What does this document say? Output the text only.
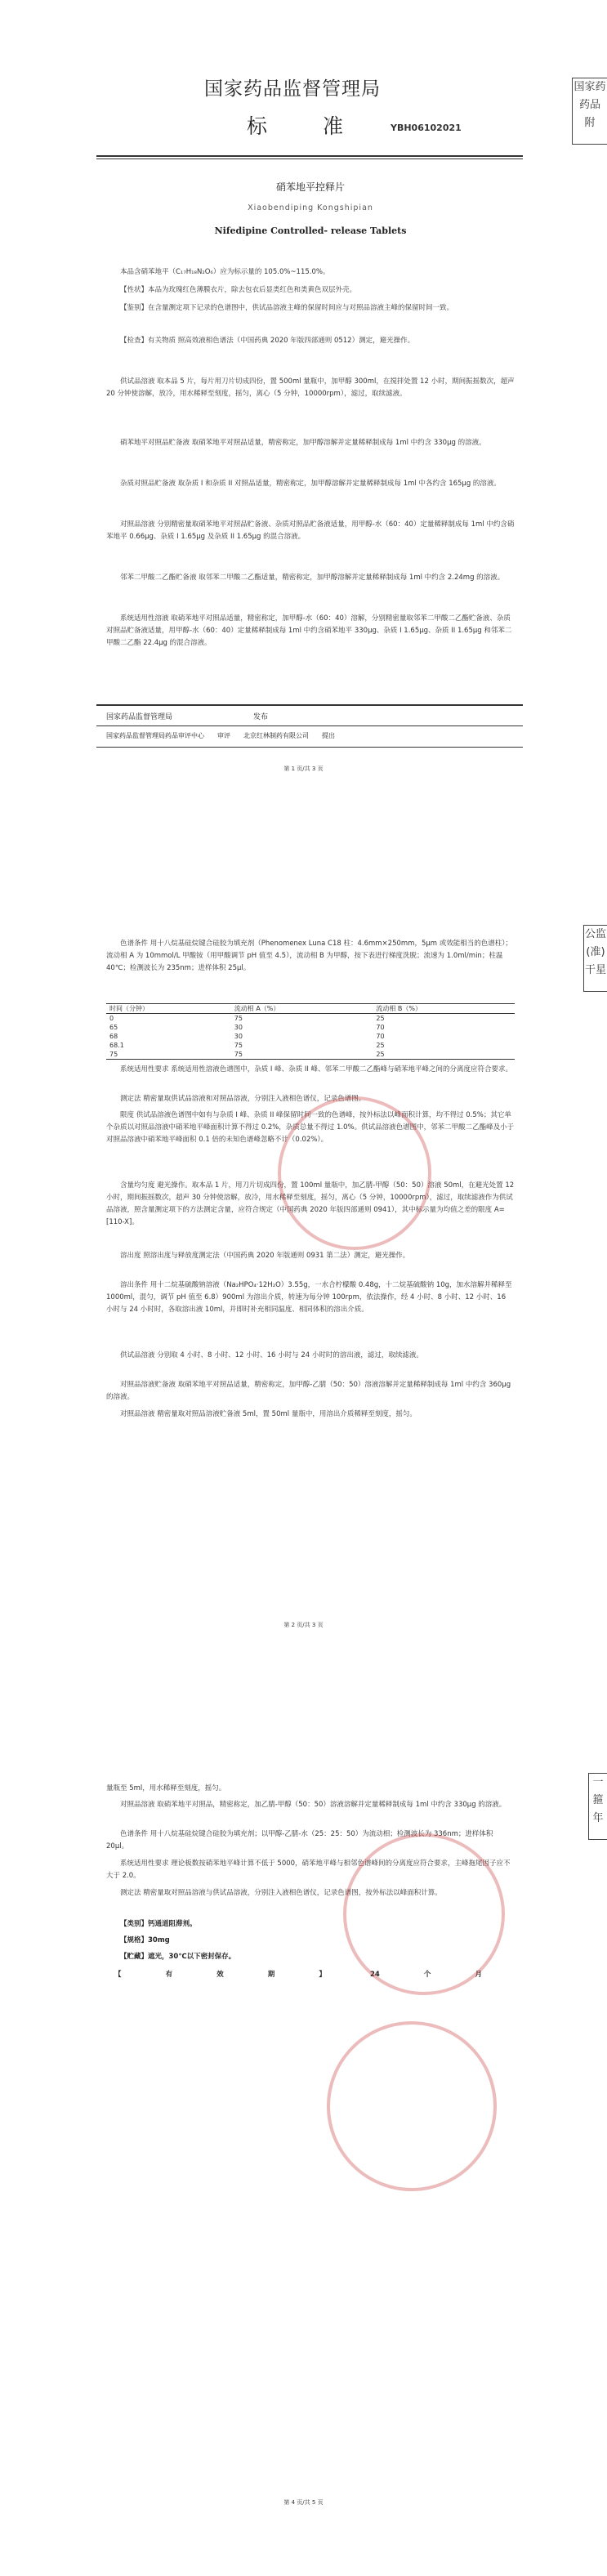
国家药品监督管理局
标 准	YBH06102021
国家药
药品
附
硝苯地平控释片
Xiaobendiping Kongshipian
Nifedipine Controlled- release Tablets
本品含硝苯地平（C₁₇H₁₈N₂O₆）应为标示量的 105.0%~115.0%。
【性状】本品为玫瑰红色薄膜衣片，除去包衣后显类红色和类黄色双层外壳。
【鉴别】在含量测定项下记录的色谱图中，供试品溶液主峰的保留时间应与对照品溶液主峰的保留时间一致。
【检查】有关物质 照高效液相色谱法（中国药典 2020 年版四部通则 0512）测定，避光操作。
供试品溶液 取本品 5 片，每片用刀片切成四份，置 500ml 量瓶中，加甲醇 300ml，在搅拌处置 12 小时，期间振摇数次，超声 20 分钟使溶解，放冷，用水稀释至刻度，摇匀，离心（5 分钟，10000rpm），滤过，取续滤液。
硝苯地平对照品贮备液 取硝苯地平对照品适量，精密称定，加甲醇溶解并定量稀释制成每 1ml 中约含 330μg 的溶液。
杂质对照品贮备液 取杂质 I 和杂质 II 对照品适量，精密称定，加甲醇溶解并定量稀释制成每 1ml 中各约含 165μg 的溶液。
对照品溶液 分别精密量取硝苯地平对照品贮备液、杂质对照品贮备液适量，用甲醇-水（60：40）定量稀释制成每 1ml 中约含硝苯地平 0.66μg、杂质 I 1.65μg 及杂质 II 1.65μg 的混合溶液。
邻苯二甲酸二乙酯贮备液 取邻苯二甲酸二乙酯适量，精密称定，加甲醇溶解并定量稀释制成每 1ml 中约含 2.24mg 的溶液。
系统适用性溶液 取硝苯地平对照品适量，精密称定，加甲醇-水（60：40）溶解，分别精密量取邻苯二甲酸二乙酯贮备液、杂质对照品贮备液适量，用甲醇-水（60：40）定量稀释制成每 1ml 中约含硝苯地平 330μg、杂质 I 1.65μg、杂质 II 1.65μg 和邻苯二甲酸二乙酯 22.4μg 的混合溶液。
国家药品监督管理局	发布
国家药品监督管理局药品审评中心　　审评　　北京红林制药有限公司　　提出
第 1 页/共 3 页
公监
(准)
干星
色谱条件 用十八烷基硅烷键合硅胶为填充剂（Phenomenex Luna C18 柱：4.6mm×250mm，5μm 或效能相当的色谱柱）；流动相 A 为 10mmol/L 甲酸铵（用甲酸调节 pH 值至 4.5），流动相 B 为甲醇，按下表进行梯度洗脱；流速为 1.0ml/min；柱温 40℃；检测波长为 235nm；进样体积 25μl。
时间（分钟）	流动相 A（%）	流动相 B（%）
0	75	25
65	30	70
68	30	70
68.1	75	25
75	75	25
系统适用性要求 系统适用性溶液色谱图中，杂质 I 峰、杂质 II 峰、邻苯二甲酸二乙酯峰与硝苯地平峰之间的分离度应符合要求。
测定法 精密量取供试品溶液和对照品溶液，分别注入液相色谱仪，记录色谱图。
限度 供试品溶液色谱图中如有与杂质 I 峰、杂质 II 峰保留时间一致的色谱峰，按外标法以峰面积计算，均不得过 0.5%；其它单个杂质以对照品溶液中硝苯地平峰面积计算不得过 0.2%，杂质总量不得过 1.0%。供试品溶液色谱图中，邻苯二甲酸二乙酯峰及小于对照品溶液中硝苯地平峰面积 0.1 倍的未知色谱峰忽略不计（0.02%）。
含量均匀度 避光操作。取本品 1 片，用刀片切成四份，置 100ml 量瓶中，加乙腈-甲醇（50：50）溶液 50ml，在避光处置 12 小时，期间振摇数次，超声 30 分钟使溶解，放冷，用水稀释至刻度，摇匀，离心（5 分钟，10000rpm），滤过，取续滤液作为供试品溶液，照含量测定项下的方法测定含量，应符合规定（中国药典 2020 年版四部通则 0941），其中标示量为均值之差的限度 A=[110-X]。
溶出度 照溶出度与释放度测定法（中国药典 2020 年版通则 0931 第二法）测定，避光操作。
溶出条件 用十二烷基硫酸钠溶液（Na₂HPO₄·12H₂O）3.55g，一水合柠檬酸 0.48g，十二烷基硫酸钠 10g，加水溶解并稀释至 1000ml，混匀，调节 pH 值至 6.8）900ml 为溶出介质，转速为每分钟 100rpm，依法操作，经 4 小时、8 小时、12 小时、16 小时与 24 小时时，各取溶出液 10ml，并即时补充相同温度、相同体积的溶出介质。
供试品溶液 分别取 4 小时、8 小时、12 小时、16 小时与 24 小时时的溶出液，滤过，取续滤液。
对照品溶液贮备液 取硝苯地平对照品适量，精密称定，加甲醇-乙腈（50：50）溶液溶解并定量稀释制成每 1ml 中约含 360μg 的溶液。
对照品溶液 精密量取对照品溶液贮备液 5ml，置 50ml 量瓶中，用溶出介质稀释至刻度，摇匀。
第 2 页/共 3 页
一
箍
年
量瓶至 5ml，用水稀释至刻度，摇匀。
对照品溶液 取硝苯地平对照品，精密称定，加乙腈-甲醇（50：50）溶液溶解并定量稀释制成每 1ml 中约含 330μg 的溶液。
色谱条件 用十八烷基硅烷键合硅胶为填充剂；以甲醇-乙腈-水（25：25：50）为流动相；检测波长为 336nm；进样体积 20μl。
系统适用性要求 理论板数按硝苯地平峰计算不低于 5000，硝苯地平峰与相邻色谱峰间的分离度应符合要求，主峰拖尾因子应不大于 2.0。
测定法 精密量取对照品溶液与供试品溶液，分别注入液相色谱仪，记录色谱图，按外标法以峰面积计算。
【类别】钙通道阻滞剂。
【规格】30mg
【贮藏】遮光，30℃以下密封保存。
【	有	效	期	】	24	个	月
第 4 页/共 5 页
